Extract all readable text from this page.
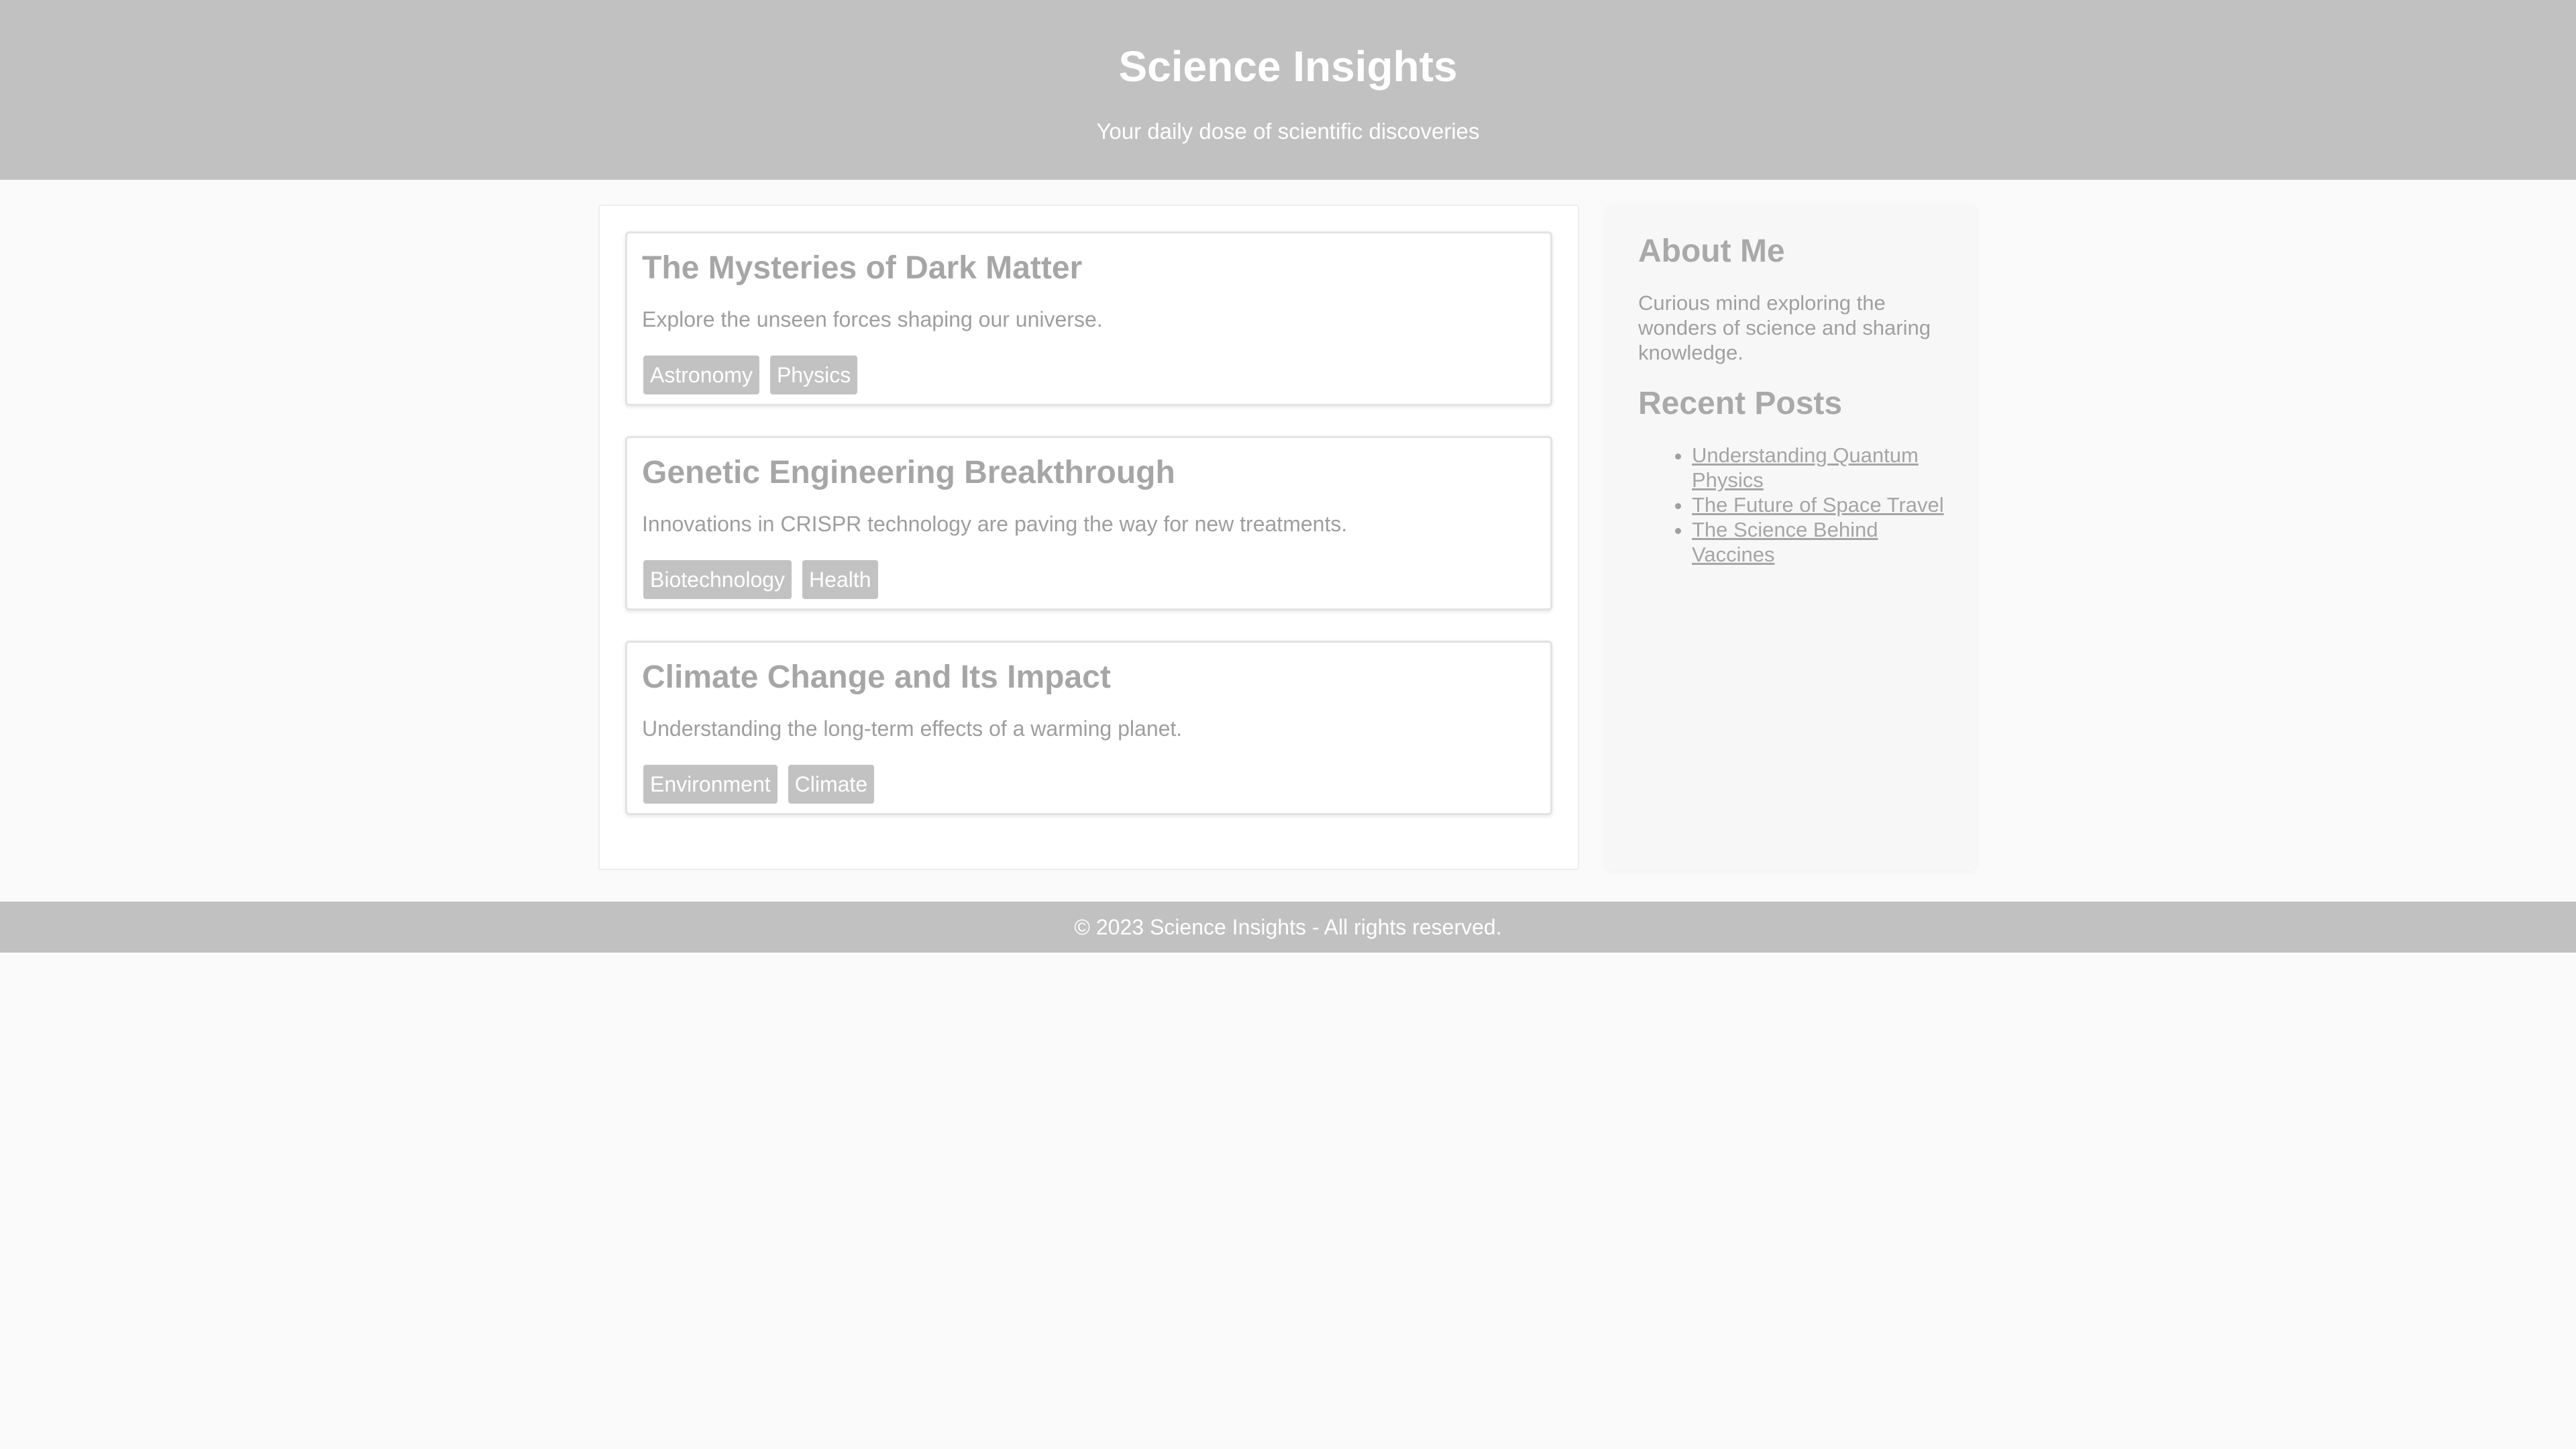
Science Insights

Your daily dose of scientific discoveries

The Mysteries of Dark Matter

Explore the unseen forces shaping our universe.

Astronomy	Physics
Genetic Engineering Breakthrough

Innovations in CRISPR technology are paving the way for new treatments.

Biotechnology	Health
Climate Change and Its Impact

Understanding the long-term effects of a warming planet.

Environment	Climate
About Me

Curious mind exploring the wonders of science and sharing knowledge.

Recent Posts
• Understanding Quantum Physics
• The Future of Space Travel
• The Science Behind Vaccines
© 2023 Science Insights - All rights reserved.
